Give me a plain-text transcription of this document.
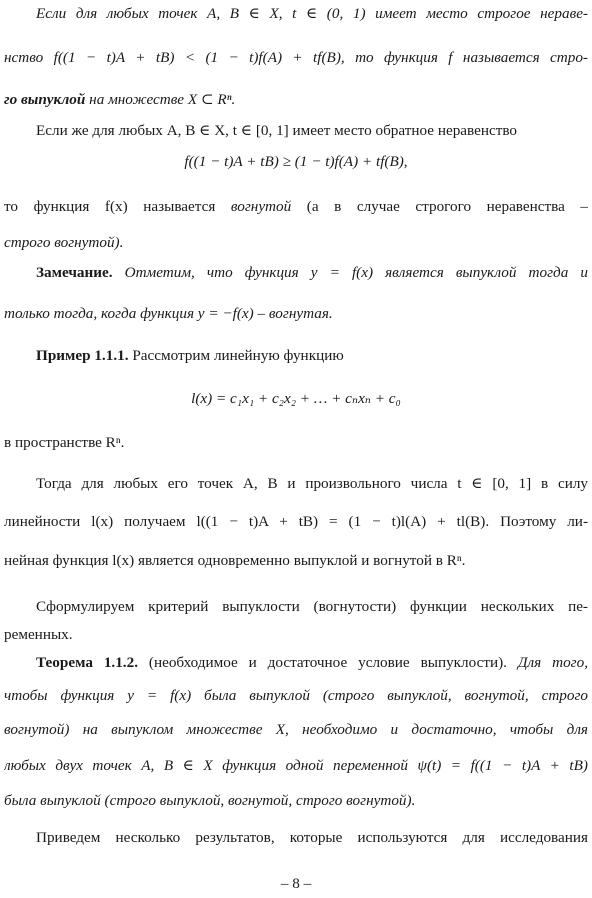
Если для любых точек A, B ∈ X, t ∈ (0, 1) имеет место строгое нераве-
нство f((1 − t)A + tB) < (1 − t)f(A) + tf(B), то функция f называется стро-
го выпуклой на множестве X ⊂ Rⁿ.
Если же для любых A, B ∈ X, t ∈ [0, 1] имеет место обратное неравенство
f((1 − t)A + tB) ≥ (1 − t)f(A) + tf(B),
то функция f(x) называется вогнутой (а в случае строгого неравенства –
строго вогнутой).
Замечание. Отметим, что функция y = f(x) является выпуклой тогда и
только тогда, когда функция y = −f(x) – вогнутая.
Пример 1.1.1. Рассмотрим линейную функцию
l(x) = c₁x₁ + c₂x₂ + … + cₙxₙ + c₀
в пространстве Rⁿ.
Тогда для любых его точек A, B и произвольного числа t ∈ [0, 1] в силу
линейности l(x) получаем l((1 − t)A + tB) = (1 − t)l(A) + tl(B). Поэтому ли-
нейная функция l(x) является одновременно выпуклой и вогнутой в Rⁿ.
Сформулируем критерий выпуклости (вогнутости) функции нескольких пе-
ременных.
Теорема 1.1.2. (необходимое и достаточное условие выпуклости). Для того,
чтобы функция y = f(x) была выпуклой (строго выпуклой, вогнутой, строго
вогнутой) на выпуклом множестве X, необходимо и достаточно, чтобы для
любых двух точек A, B ∈ X функция одной переменной ψ(t) = f((1 − t)A + tB)
была выпуклой (строго выпуклой, вогнутой, строго вогнутой).
Приведем несколько результатов, которые используются для исследования
– 8 –
